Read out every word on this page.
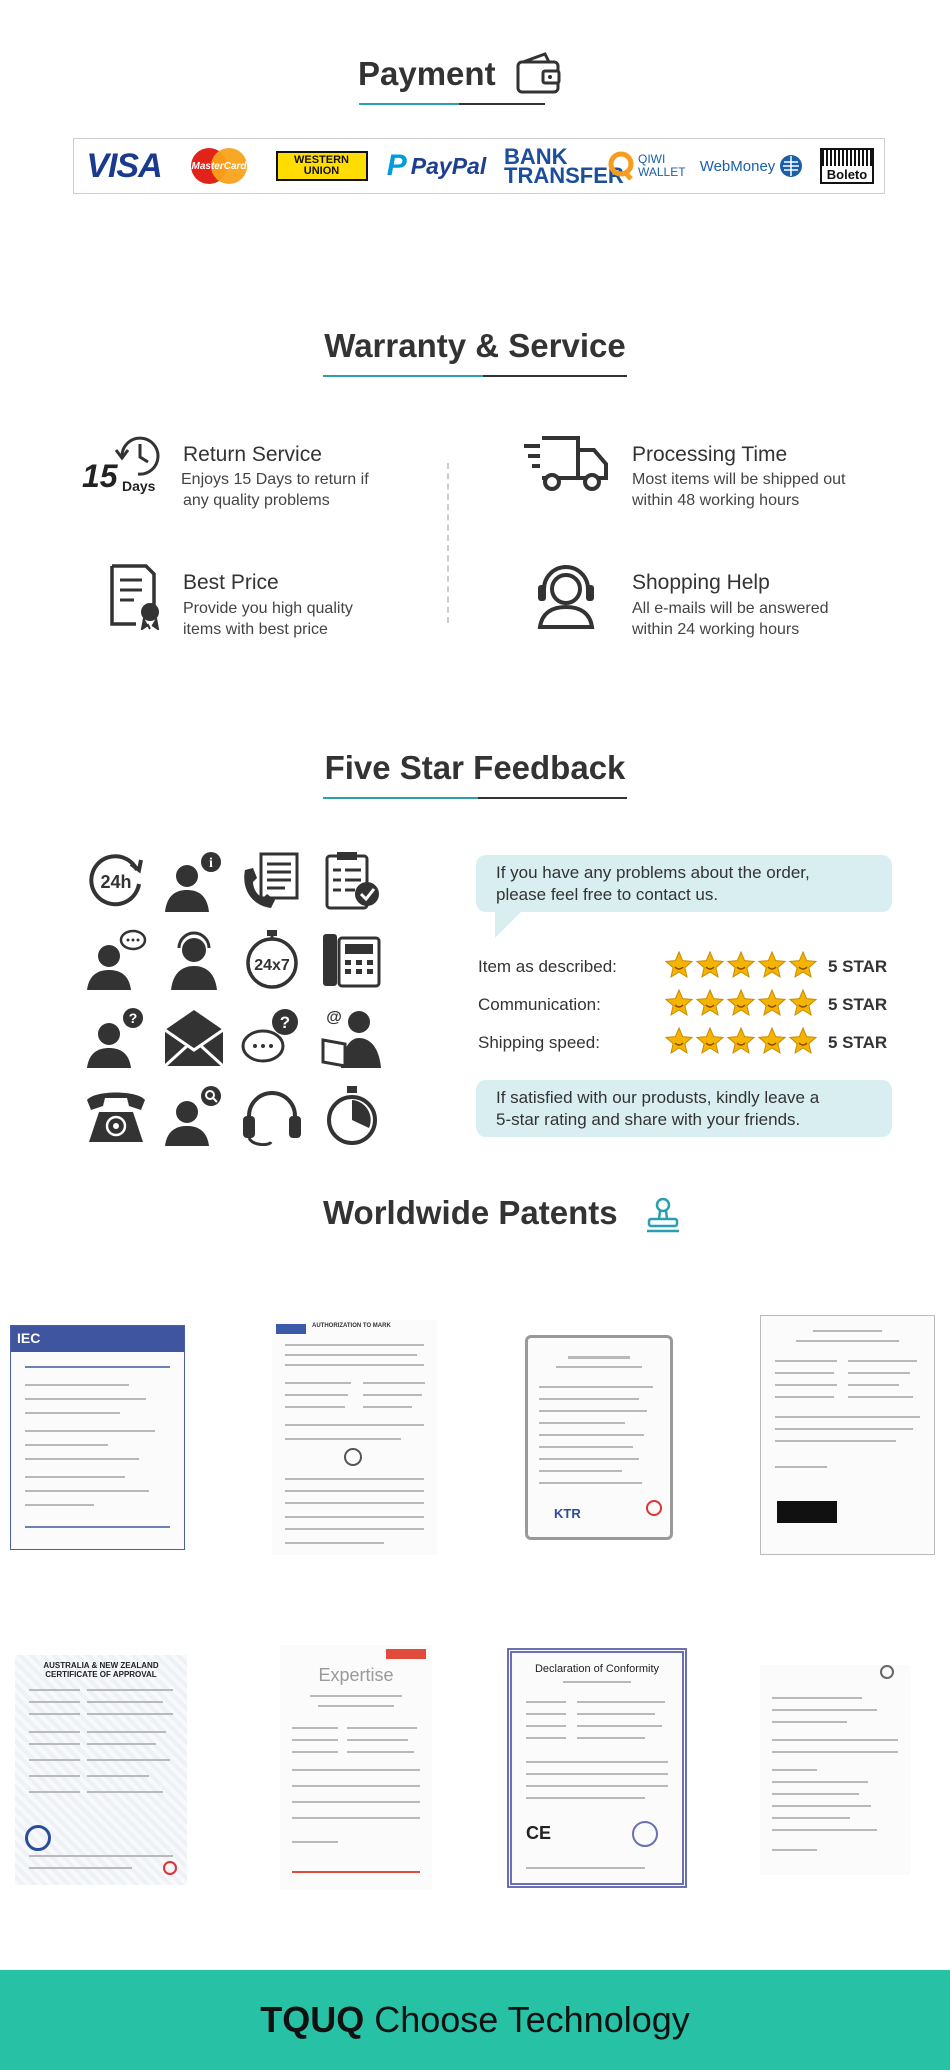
Payment
VISA	MasterCard
WESTERN UNION	P PayPal BANK TRANSFER
QIWI WALLET WebMoney	Boleto
Warranty & Service
15 Days
Return Service
Enjoys 15 Days to return if
any quality problems
Processing Time
Most items will be shipped out
within 48 working hours
Best Price
Provide you high quality
items with best price
Shopping Help
All e-mails will be answered
within 24 working hours
Five Star Feedback
24h
i
24x7
?	? @
If you have any problems about the order,
please feel free to contact us.
Item as described:	5 STAR
Communication:	5 STAR
Shipping speed:	5 STAR
If satisfied with our produsts, kindly leave a
5-star rating and share with your friends.
Worldwide Patents
IEC
AUTHORIZATION TO MARK
KTR
AUSTRALIA & NEW ZEALAND CERTIFICATE OF APPROVAL	Expertise	Declaration of Conformity
CE
TQUQ Choose Technology
